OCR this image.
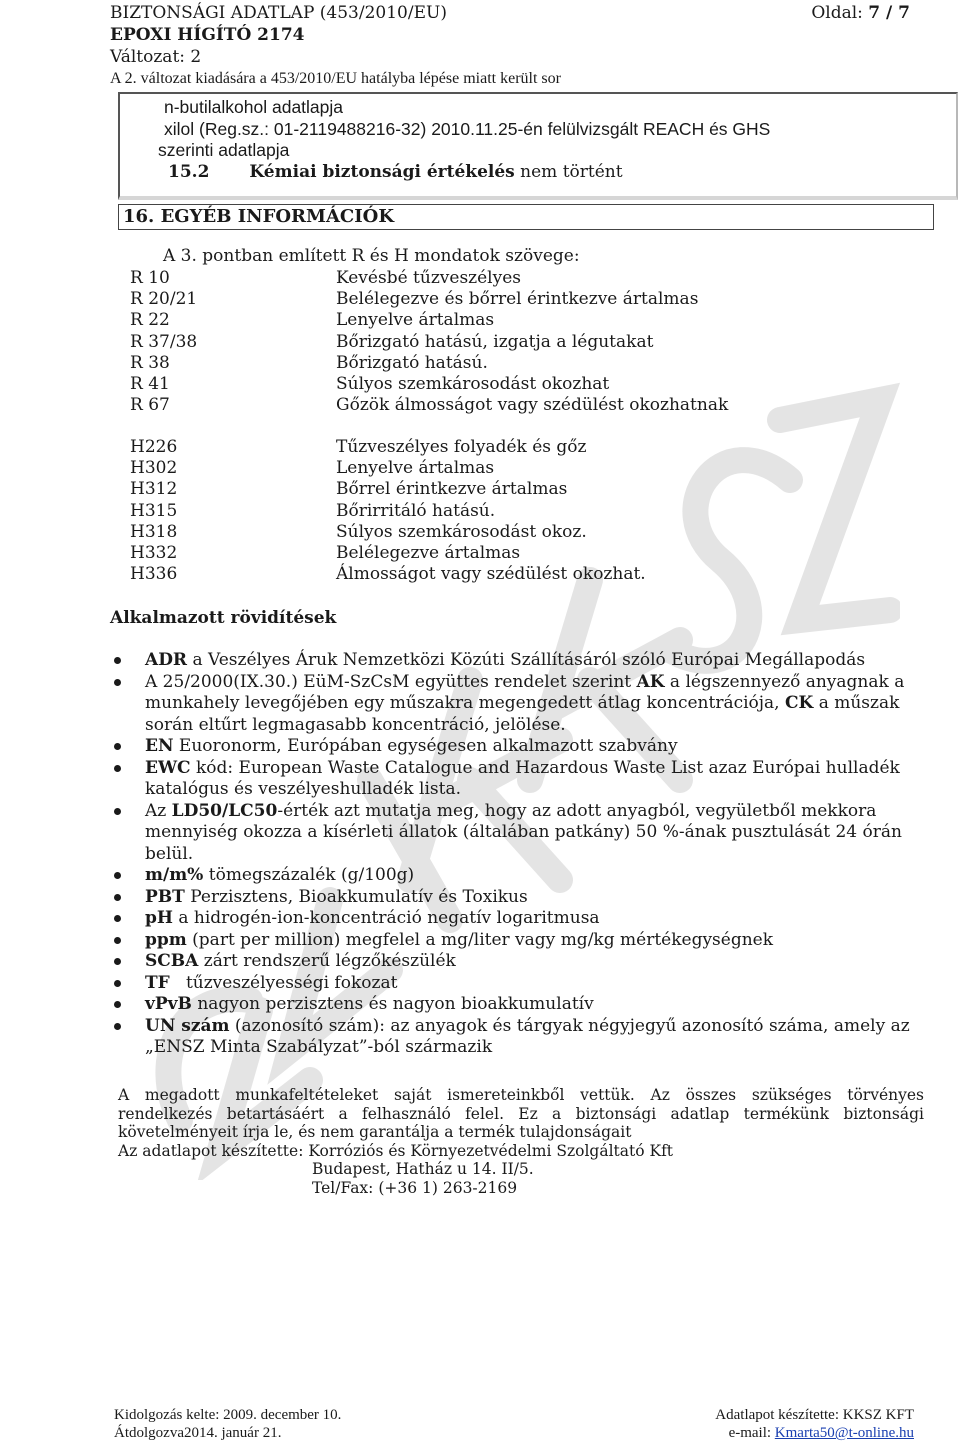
BIZTONSÁGI ADATLAP (453/2010/EU)	Oldal: 7 / 7
EPOXI HÍGÍTÓ 2174
Változat: 2
A 2. változat kiadására a 453/2010/EU hatályba lépése miatt került sor
n-butilalkohol adatlapja
xilol (Reg.sz.: 01-2119488216-32) 2010.11.25-én felülvizsgált REACH és GHS
szerinti adatlapja
15.2 Kémiai biztonsági értékelés nem történt
16. EGYÉB INFORMÁCIÓK
A 3. pontban említett R és H mondatok szövege:
R 10	Kevésbé tűzveszélyes
R 20/21	Belélegezve és bőrrel érintkezve ártalmas
R 22	Lenyelve ártalmas
R 37/38	Bőrizgató hatású, izgatja a légutakat
R 38	Bőrizgató hatású.
R 41	Súlyos szemkárosodást okozhat
R 67	Gőzök álmosságot vagy szédülést okozhatnak
H226	Tűzveszélyes folyadék és gőz
H302	Lenyelve ártalmas
H312	Bőrrel érintkezve ártalmas
H315	Bőrirritáló hatású.
H318	Súlyos szemkárosodást okoz.
H332	Belélegezve ártalmas
H336	Álmosságot vagy szédülést okozhat.
Alkalmazott rövidítések
ADR a Veszélyes Áruk Nemzetközi Közúti Szállításáról szóló Európai Megállapodás
A 25/2000(IX.30.) EüM-SzCsM együttes rendelet szerint AK a légszennyező anyagnak a munkahely levegőjében egy műszakra megengedett átlag koncentrációja, CK a műszak során eltűrt legmagasabb koncentráció, jelölése.
EN Euoronorm, Európában egységesen alkalmazott szabvány
EWC kód: European Waste Catalogue and Hazardous Waste List azaz Európai hulladék katalógus és veszélyeshulladék lista.
Az LD50/LC50-érték azt mutatja meg, hogy az adott anyagból, vegyületből mekkora mennyiség okozza a kísérleti állatok (általában patkány) 50 %-ának pusztulását 24 órán belül.
m/m% tömegszázalék (g/100g)
PBT Perzisztens, Bioakkumulatív és Toxikus
pH a hidrogén-ion-koncentráció negatív logaritmusa
ppm (part per million) megfelel a mg/liter vagy mg/kg mértékegységnek
SCBA zárt rendszerű légzőkészülék
TF   tűzveszélyességi fokozat
vPvB nagyon perzisztens és nagyon bioakkumulatív
UN szám (azonosító szám): az anyagok és tárgyak négyjegyű azonosító száma, amely az „ENSZ Minta Szabályzat”-ból származik
A megadott munkafeltételeket saját ismereteinkből vettük. Az összes szükséges törvényes
rendelkezés betartásáért a felhasználó felel. Ez a biztonsági adatlap termékünk biztonsági
követelményeit írja le, és nem garantálja a termék tulajdonságait
Az adatlapot készítette: Korróziós és Környezetvédelmi Szolgáltató Kft
Budapest, Hatház u 14. II/5.
Tel/Fax: (+36 1) 263-2169
Kidolgozás kelte: 2009. december 10.	Adatlapot készítette: KKSZ KFT
Átdolgozva2014. január 21.	e-mail: Kmarta50@t-online.hu
